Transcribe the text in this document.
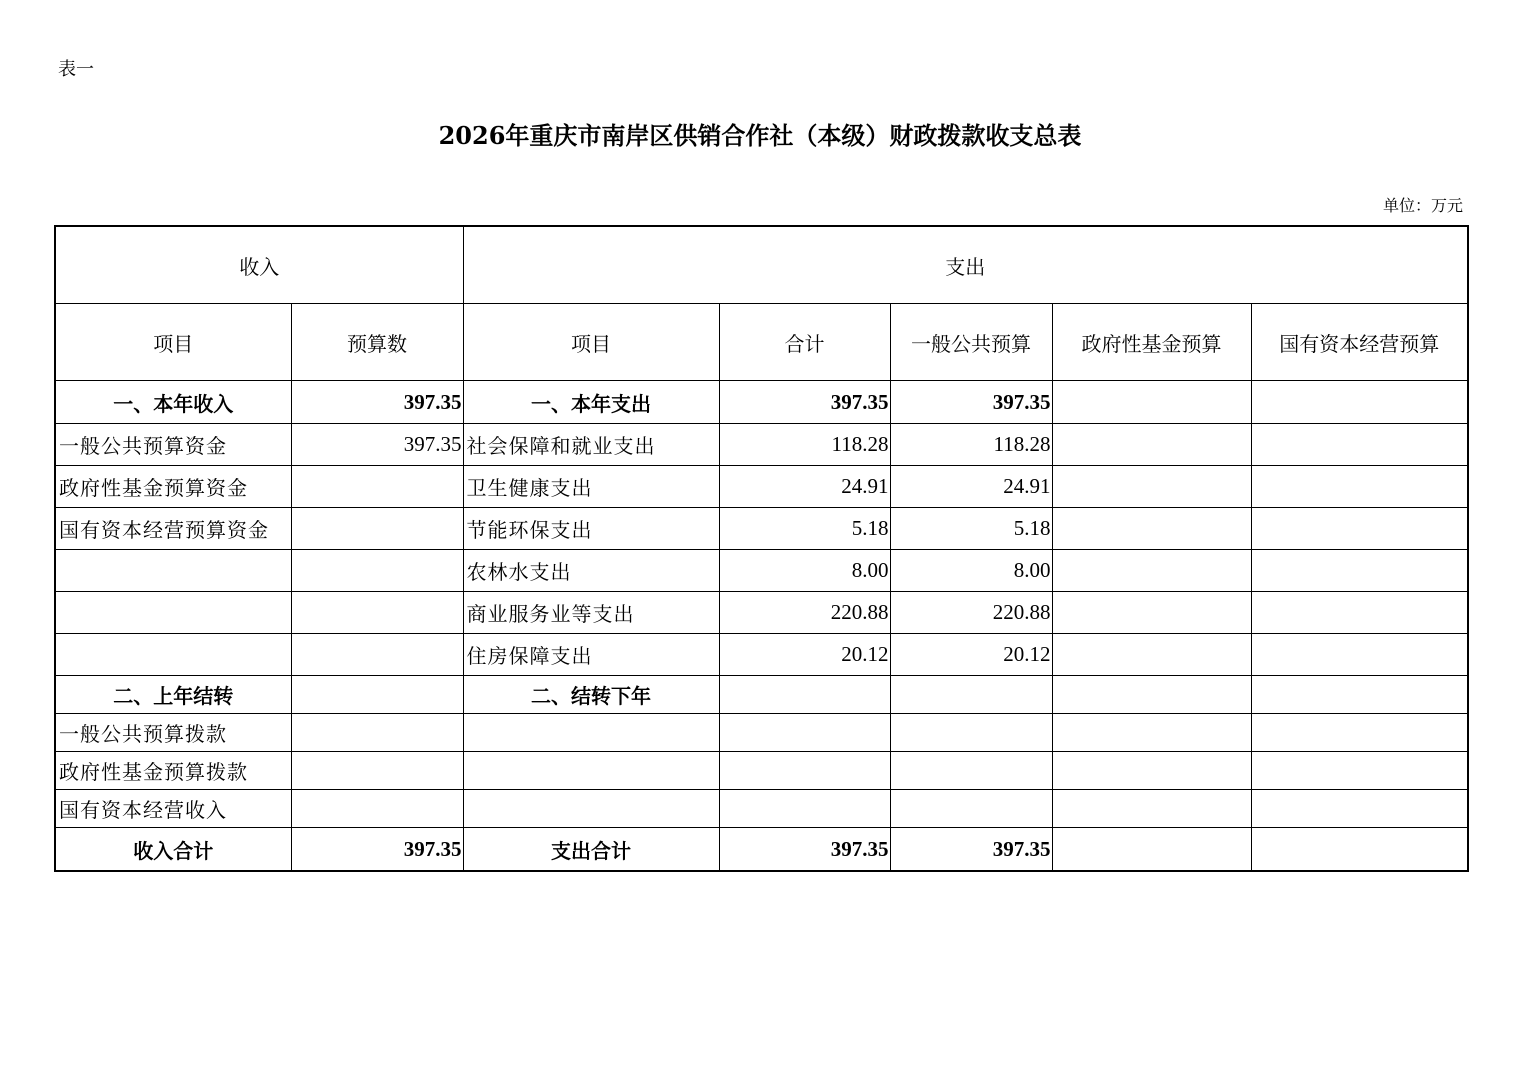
表一
2026年重庆市南岸区供销合作社（本级）财政拨款收支总表
单位：万元
收入		支出				
项目	预算数	项目	合计	一般公共预算	政府性基金预算	国有资本经营预算
一、本年收入	397.35	一、本年支出	397.35	397.35		
一般公共预算资金	397.35	社会保障和就业支出	118.28	118.28		
政府性基金预算资金		卫生健康支出	24.91	24.91		
国有资本经营预算资金		节能环保支出	5.18	5.18		
		农林水支出	8.00	8.00		
		商业服务业等支出	220.88	220.88		
		住房保障支出	20.12	20.12		
二、上年结转		二、结转下年				
一般公共预算拨款						
政府性基金预算拨款						
国有资本经营收入						
收入合计	397.35	支出合计	397.35	397.35		
